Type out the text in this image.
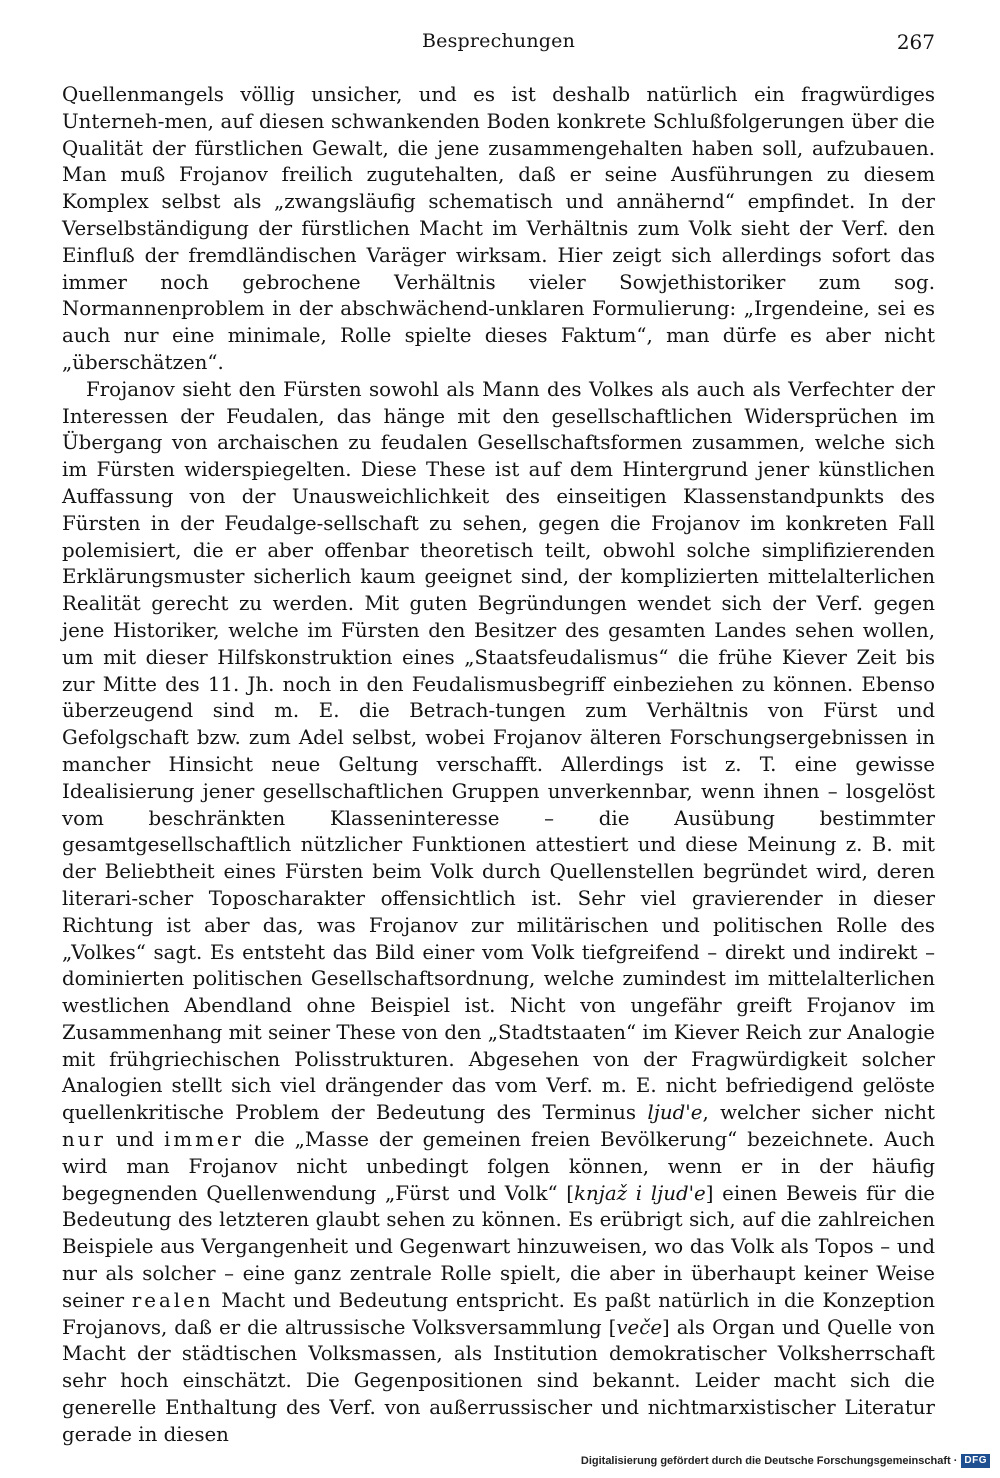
Besprechungen	267

Quellenmangels völlig unsicher, und es ist deshalb natürlich ein fragwürdiges Unterneh-men, auf diesen schwankenden Boden konkrete Schlußfolgerungen über die Qualität der fürstlichen Gewalt, die jene zusammengehalten haben soll, aufzubauen. Man muß Frojanov freilich zugutehalten, daß er seine Ausführungen zu diesem Komplex selbst als „zwangsläufig schematisch und annähernd“ empfindet. In der Verselbständigung der fürstlichen Macht im Verhältnis zum Volk sieht der Verf. den Einfluß der fremdländischen Varäger wirksam. Hier zeigt sich allerdings sofort das immer noch gebrochene Verhältnis vieler Sowjethistoriker zum sog. Normannenproblem in der abschwächend-unklaren Formulierung: „Irgendeine, sei es auch nur eine minimale, Rolle spielte dieses Faktum“, man dürfe es aber nicht „überschätzen“.

Frojanov sieht den Fürsten sowohl als Mann des Volkes als auch als Verfechter der Interessen der Feudalen, das hänge mit den gesellschaftlichen Widersprüchen im Übergang von archaischen zu feudalen Gesellschaftsformen zusammen, welche sich im Fürsten widerspiegelten. Diese These ist auf dem Hintergrund jener künstlichen Auffassung von der Unausweichlichkeit des einseitigen Klassenstandpunkts des Fürsten in der Feudalge-sellschaft zu sehen, gegen die Frojanov im konkreten Fall polemisiert, die er aber offenbar theoretisch teilt, obwohl solche simplifizierenden Erklärungsmuster sicherlich kaum geeignet sind, der komplizierten mittelalterlichen Realität gerecht zu werden. Mit guten Begründungen wendet sich der Verf. gegen jene Historiker, welche im Fürsten den Besitzer des gesamten Landes sehen wollen, um mit dieser Hilfskonstruktion eines „Staatsfeudalismus“ die frühe Kiever Zeit bis zur Mitte des 11. Jh. noch in den Feudalismusbegriff einbeziehen zu können. Ebenso überzeugend sind m. E. die Betrach-tungen zum Verhältnis von Fürst und Gefolgschaft bzw. zum Adel selbst, wobei Frojanov älteren Forschungsergebnissen in mancher Hinsicht neue Geltung verschafft. Allerdings ist z. T. eine gewisse Idealisierung jener gesellschaftlichen Gruppen unverkennbar, wenn ihnen – losgelöst vom beschränkten Klasseninteresse – die Ausübung bestimmter gesamtgesellschaftlich nützlicher Funktionen attestiert und diese Meinung z. B. mit der Beliebtheit eines Fürsten beim Volk durch Quellenstellen begründet wird, deren literari-scher Toposcharakter offensichtlich ist. Sehr viel gravierender in dieser Richtung ist aber das, was Frojanov zur militärischen und politischen Rolle des „Volkes“ sagt. Es entsteht das Bild einer vom Volk tiefgreifend – direkt und indirekt – dominierten politischen Gesellschaftsordnung, welche zumindest im mittelalterlichen westlichen Abendland ohne Beispiel ist. Nicht von ungefähr greift Frojanov im Zusammenhang mit seiner These von den „Stadtstaaten“ im Kiever Reich zur Analogie mit frühgriechischen Polisstrukturen. Abgesehen von der Fragwürdigkeit solcher Analogien stellt sich viel drängender das vom Verf. m. E. nicht befriedigend gelöste quellenkritische Problem der Bedeutung des Terminus

ljud'e

, welcher sicher nicht

nur

und

immer

die „Masse der gemeinen freien Bevölkerung“ bezeichnete. Auch wird man Frojanov nicht unbedingt folgen können, wenn er in der häufig begegnenden Quellenwendung „Fürst und Volk“ [

knjaž i ljud'e

] einen Beweis für die Bedeutung des letzteren glaubt sehen zu können. Es erübrigt sich, auf die zahlreichen Beispiele aus Vergangenheit und Gegenwart hinzuweisen, wo das Volk als Topos – und nur als solcher – eine ganz zentrale Rolle spielt, die aber in überhaupt keiner Weise seiner

realen

Macht und Bedeutung entspricht. Es paßt natürlich in die Konzeption Frojanovs, daß er die altrussische Volksversammlung [

veče

] als Organ und Quelle von Macht der städtischen Volksmassen, als Institution demokratischer Volksherrschaft sehr hoch einschätzt. Die Gegenpositionen sind bekannt. Leider macht sich die generelle Enthaltung des Verf. von außerrussischer und nichtmarxistischer Literatur gerade in diesen

Digitalisierung gefördert durch die Deutsche Forschungsgemeinschaft · DFG
